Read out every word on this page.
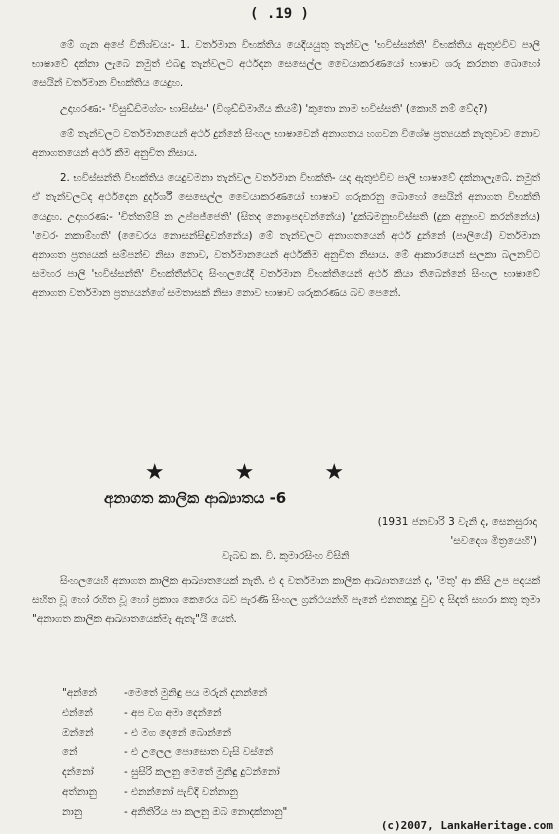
( .19 )

මේ ගැන අපේ විනිශ්චය:- 1. වර්තමාන විභක්තිය යෙදියයුතු තැන්වල 'භවිස්සන්ති' විභක්තිය ඇතුළුවිව පාලි භාෂාවේ දක්නා ලැබෙ නමුත් එබඳු තැන්වලට අර්ථදන සෙසෙල්ල වෛයාකරණයෝ භාෂාව ශරු කරනත බොහෝ සෙයින් වර්තමාන විභක්තිය යෙදුහ.

උදාහරණ:- 'විසුඩ්ඩිමග්ගං භාසිස්සං' (විශුඩ්ඩිමාගීය කියම්) 'කුතො නාම භවිස්සති' (කොහි නම් වේද?)

මේ තැන්වලට වර්තමානයෙන් අර්ථ දුන්නේ සිංහල භාෂාවෙන් අනාගතය හගවන විශේෂ ප්‍රත්‍යයක් නැතුවාව නොව අනාගතයෙන් අර්ථ කීම අනුචිත නිසාය.

2. භවිස්සන්ති විභක්තිය යෙදුවමනා තැන්වල වර්තමාන විභක්ති- යද ඇතුළුවිව පාලි භාෂාවේ දක්නාලැබේ. නමුත් ඒ තැන්වලටද අර්ථදෙන දුර්දර්ශී සෙසෙල්ල වෛයාකරණයෝ භාෂාව ගරුකරනු බොහෝ සෙයින් අනාගත විභක්ති යෙදුහ. උදාහරණ:- 'චිත්තම්පි න උප්පජ්ජෙති' (සිතද නොඉපදවන්නේය) 'දුක්ඛමනුභවිස්සති (දුක අනුභව කරන්නේය) 'වෙරං නකාම්හති' (වෛරය නොසන්සිඳුවන්නේය) මේ තැන්වලට අනාගතයෙන් අර්ථ දුන්නේ (පාලියේ) වර්තමාන අනාගත ප්‍රත්‍යයක් සම්පන්ච නිසා නොව, වර්තමානයෙන් අර්ථකීම අනුචිත නිසාය. මේ ආකාරයෙන් සලකා බලනවිට සමහර පාලි 'භවිස්සන්ති' විභක්තීන්ටද සිංහලයේදී වර්තමාන විභක්තියෙන් අර්ථ කියා තිබෙන්නේ සිංහල භාෂාවේ අනාගත වර්තමාන ප්‍රත්‍යයන්ගේ සමතාසක් නිසා නොව භාෂාව ශරුකරණය බව පෙනේ.

★★★
අනාගත කාලික ආඛ්‍යාතය -6
(1931 ජනවාරි 3 වැනි ද, සෙනසුරාදා
'සවදෙශ මිත්‍රයෙහි')
වැබඩ ක. වි. කුමාරසිංහ විසිනි

සිංහලයෙහි අනාගත කාලික ආඛ්‍යාතයෙක් නැති. එ ද වර්තමාන කාලික ආඛ්‍යාතයෙන් ද, 'මතු' ආ කිසි උප පදයක් සහිත වූ හෝ රහිත වූ හෝ ප්‍රකාශ කෙරෙය බව පැරණි සිංහල ග්‍රන්ථයන්හි පැනේ එනතකුදු වුව ද සිදත් සහරා කතු තුමා "අනාගත කාලික ආඛ්‍යාතයෙක්මැ ඇතැ"යි යෙත්.

"අන්නේ	-මෙතේ මුනිඳු පය මරුන් දනන්නේ
එන්නේ	- අප වග අමා දෙන්නේ
ඔන්නේ	- එ මග දෙනේ බොන්නේ
නේ	- එ උලෙල පොසොත වැසි වස්නේ
දන්නෝ	- සුසිරි කලනු මෙතේ මුනිඳු දුටන්නෝ
අත්නානු	- එනන්නෝ පැවිදි වන්නානු
නානු	- අනිතිරිය පා කලනු ඔබ නොදක්නානු"
(c)2007, LankaHeritage.com
